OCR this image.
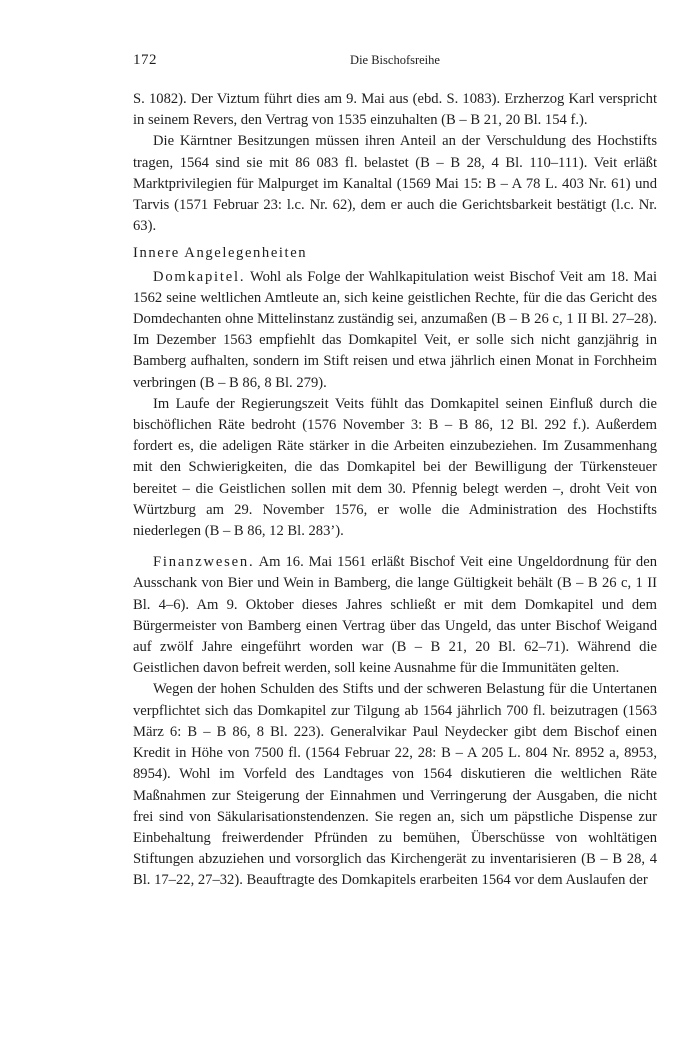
172	Die Bischofsreihe

S. 1082). Der Viztum führt dies am 9. Mai aus (ebd. S. 1083). Erzherzog Karl verspricht in seinem Revers, den Vertrag von 1535 einzuhalten (B – B 21, 20 Bl. 154 f.).

Die Kärntner Besitzungen müssen ihren Anteil an der Verschuldung des Hochstifts tragen, 1564 sind sie mit 86 083 fl. belastet (B – B 28, 4 Bl. 110–111). Veit erläßt Marktprivilegien für Malpurget im Kanaltal (1569 Mai 15: B – A 78 L. 403 Nr. 61) und Tarvis (1571 Februar 23: l.c. Nr. 62), dem er auch die Gerichtsbarkeit bestätigt (l.c. Nr. 63).

Innere Angelegenheiten

Domkapitel. Wohl als Folge der Wahlkapitulation weist Bischof Veit am 18. Mai 1562 seine weltlichen Amtleute an, sich keine geistlichen Rechte, für die das Gericht des Domdechanten ohne Mittelinstanz zuständig sei, anzumaßen (B – B 26 c, 1 II Bl. 27–28). Im Dezember 1563 empfiehlt das Domkapitel Veit, er solle sich nicht ganzjährig in Bamberg aufhalten, sondern im Stift reisen und etwa jährlich einen Monat in Forchheim verbringen (B – B 86, 8 Bl. 279).

Im Laufe der Regierungszeit Veits fühlt das Domkapitel seinen Einfluß durch die bischöflichen Räte bedroht (1576 November 3: B – B 86, 12 Bl. 292 f.). Außerdem fordert es, die adeligen Räte stärker in die Arbeiten einzubeziehen. Im Zusammenhang mit den Schwierigkeiten, die das Domkapitel bei der Bewilligung der Türkensteuer bereitet – die Geistlichen sollen mit dem 30. Pfennig belegt werden –, droht Veit von Würtzburg am 29. November 1576, er wolle die Administration des Hochstifts niederlegen (B – B 86, 12 Bl. 283’).

Finanzwesen. Am 16. Mai 1561 erläßt Bischof Veit eine Ungeldordnung für den Ausschank von Bier und Wein in Bamberg, die lange Gültigkeit behält (B – B 26 c, 1 II Bl. 4–6). Am 9. Oktober dieses Jahres schließt er mit dem Domkapitel und dem Bürgermeister von Bamberg einen Vertrag über das Ungeld, das unter Bischof Weigand auf zwölf Jahre eingeführt worden war (B – B 21, 20 Bl. 62–71). Während die Geistlichen davon befreit werden, soll keine Ausnahme für die Immunitäten gelten.

Wegen der hohen Schulden des Stifts und der schweren Belastung für die Untertanen verpflichtet sich das Domkapitel zur Tilgung ab 1564 jährlich 700 fl. beizutragen (1563 März 6: B – B 86, 8 Bl. 223). Generalvikar Paul Neydecker gibt dem Bischof einen Kredit in Höhe von 7500 fl. (1564 Februar 22, 28: B – A 205 L. 804 Nr. 8952 a, 8953, 8954). Wohl im Vorfeld des Landtages von 1564 diskutieren die weltlichen Räte Maßnahmen zur Steigerung der Einnahmen und Verringerung der Ausgaben, die nicht frei sind von Säkularisationstendenzen. Sie regen an, sich um päpstliche Dispense zur Einbehaltung freiwerdender Pfründen zu bemühen, Überschüsse von wohltätigen Stiftungen abzuziehen und vorsorglich das Kirchengerät zu inventarisieren (B – B 28, 4 Bl. 17–22, 27–32). Beauftragte des Domkapitels erarbeiten 1564 vor dem Auslaufen der
